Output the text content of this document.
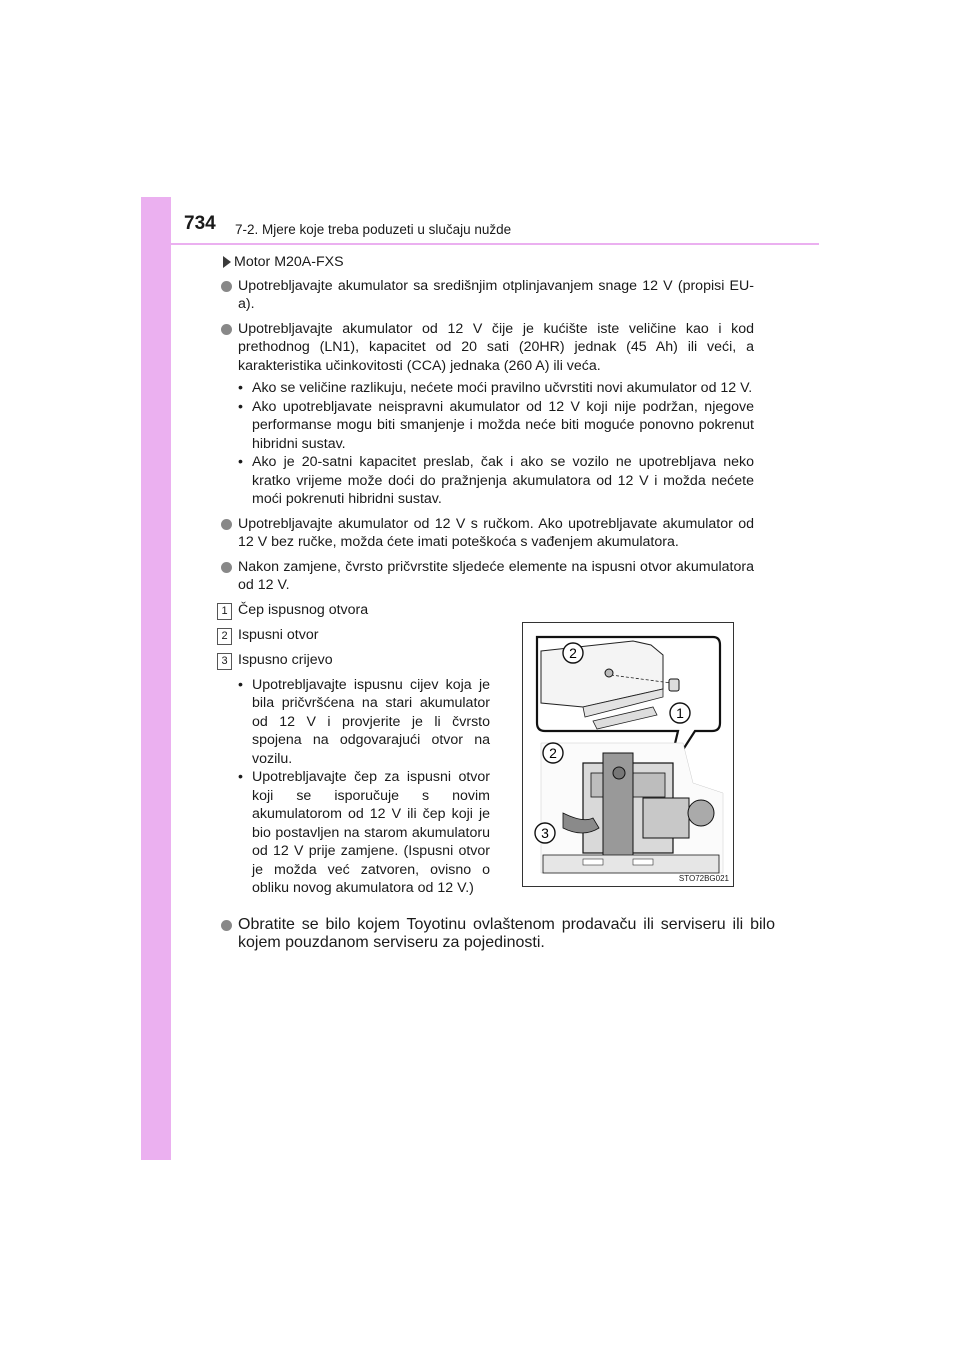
734 7-2. Mjere koje treba poduzeti u slučaju nužde
Motor M20A-FXS
Upotrebljavajte akumulator sa središnjim otplinjavanjem snage 12 V (propisi EU-a).
Upotrebljavajte akumulator od 12 V čije je kućište iste veličine kao i kod prethodnog (LN1), kapacitet od 20 sati (20HR) jednak (45 Ah) ili veći, a karakteristika učinkovitosti (CCA) jednaka (260 A) ili veća.
• Ako se veličine razlikuju, nećete moći pravilno učvrstiti novi akumulator od 12 V.
• Ako upotrebljavate neispravni akumulator od 12 V koji nije podržan, njegove performanse mogu biti smanjenje i možda neće biti moguće ponovno pokrenut hibridni sustav.
• Ako je 20-satni kapacitet preslab, čak i ako se vozilo ne upotrebljava neko kratko vrijeme može doći do pražnjenja akumulatora od 12 V i možda nećete moći pokrenuti hibridni sustav.
Upotrebljavajte akumulator od 12 V s ručkom. Ako upotrebljavate akumulator od 12 V bez ručke, možda ćete imati poteškoća s vađenjem akumulatora.
Nakon zamjene, čvrsto pričvrstite sljedeće elemente na ispusni otvor akumulatora od 12 V.
1 Čep ispusnog otvora
2 Ispusni otvor
3 Ispusno crijevo
• Upotrebljavajte ispusnu cijev koja je bila pričvršćena na stari akumulator od 12 V i provjerite je li čvrsto spojena na odgovarajući otvor na vozilu.
• Upotrebljavajte čep za ispusni otvor koji se isporučuje s novim akumulatorom od 12 V ili čep koji je bio postavljen na starom akumulatoru od 12 V prije zamjene. (Ispusni otvor je možda već zatvoren, ovisno o obliku novog akumulatora od 12 V.)
2
1
2
3
STO72BG021
Obratite se bilo kojem Toyotinu ovlaštenom prodavaču ili serviseru ili bilo kojem pouzdanom serviseru za pojedinosti.
